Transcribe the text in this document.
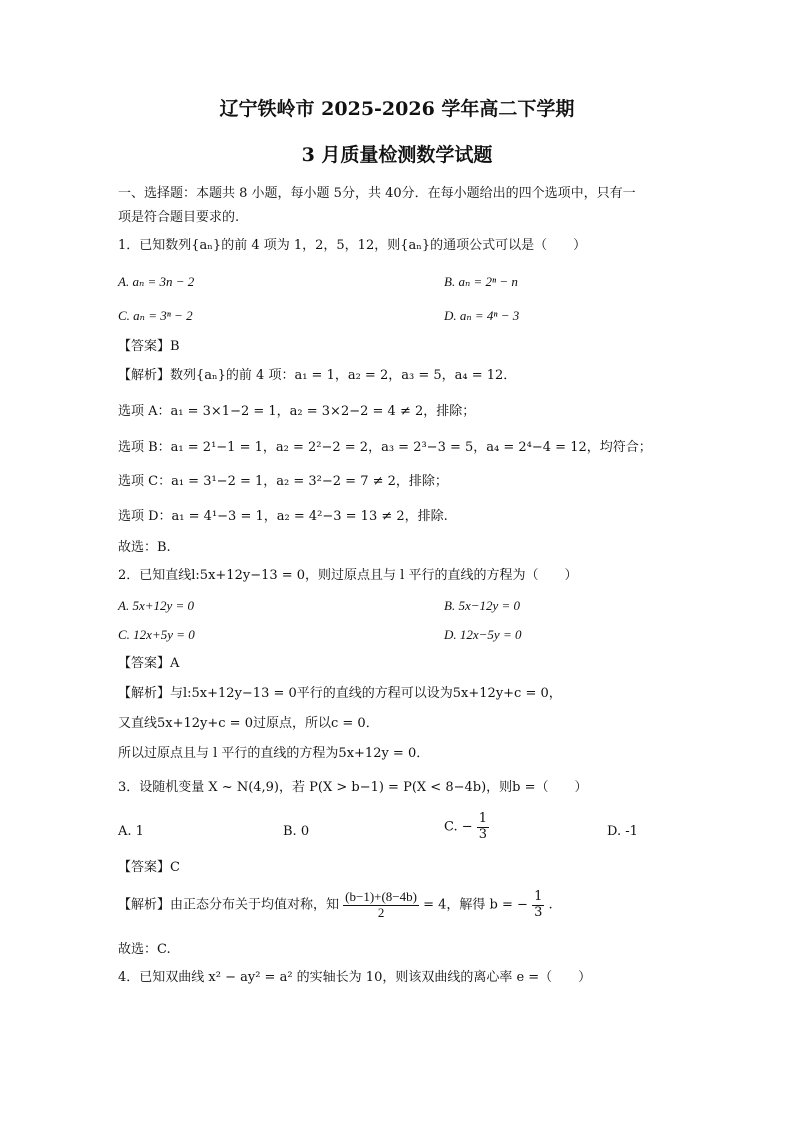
辽宁铁岭市 2025-2026 学年高二下学期
3 月质量检测数学试题
一、选择题：本题共 8 小题，每小题 5分，共 40分．在每小题给出的四个选项中，只有一
项是符合题目要求的.
1．已知数列{aₙ}的前 4 项为 1，2，5，12，则{aₙ}的通项公式可以是（　　）
A. aₙ = 3n − 2	B. aₙ = 2ⁿ − n
C. aₙ = 3ⁿ − 2	D. aₙ = 4ⁿ − 3
【答案】B
【解析】数列{aₙ}的前 4 项：a₁ = 1，a₂ = 2，a₃ = 5，a₄ = 12．
选项 A：a₁ = 3×1−2 = 1，a₂ = 3×2−2 = 4 ≠ 2，排除；
选项 B：a₁ = 2¹−1 = 1，a₂ = 2²−2 = 2，a₃ = 2³−3 = 5，a₄ = 2⁴−4 = 12，均符合；
选项 C：a₁ = 3¹−2 = 1，a₂ = 3²−2 = 7 ≠ 2，排除；
选项 D：a₁ = 4¹−3 = 1，a₂ = 4²−3 = 13 ≠ 2，排除.
故选：B.
2．已知直线l:5x+12y−13 = 0，则过原点且与 l 平行的直线的方程为（　　）
A. 5x+12y = 0	B. 5x−12y = 0
C. 12x+5y = 0	D. 12x−5y = 0
【答案】A
【解析】与l:5x+12y−13 = 0平行的直线的方程可以设为5x+12y+c = 0，
又直线5x+12y+c = 0过原点，所以c = 0．
所以过原点且与 l 平行的直线的方程为5x+12y = 0．
3．设随机变量 X ~ N(4,9)，若 P(X > b−1) = P(X < 8−4b)，则b =（　　）
A. 1	B. 0	C. − $\frac{1}{3}$	D. -1
【答案】C
【解析】由正态分布关于均值对称，知 $\frac{(b-1)+(8-4b)}{2} = 4$，解得 b = − $\frac{1}{3}$ .
故选：C.
4．已知双曲线 x² − ay² = a² 的实轴长为 10，则该双曲线的离心率 e =（　　）
